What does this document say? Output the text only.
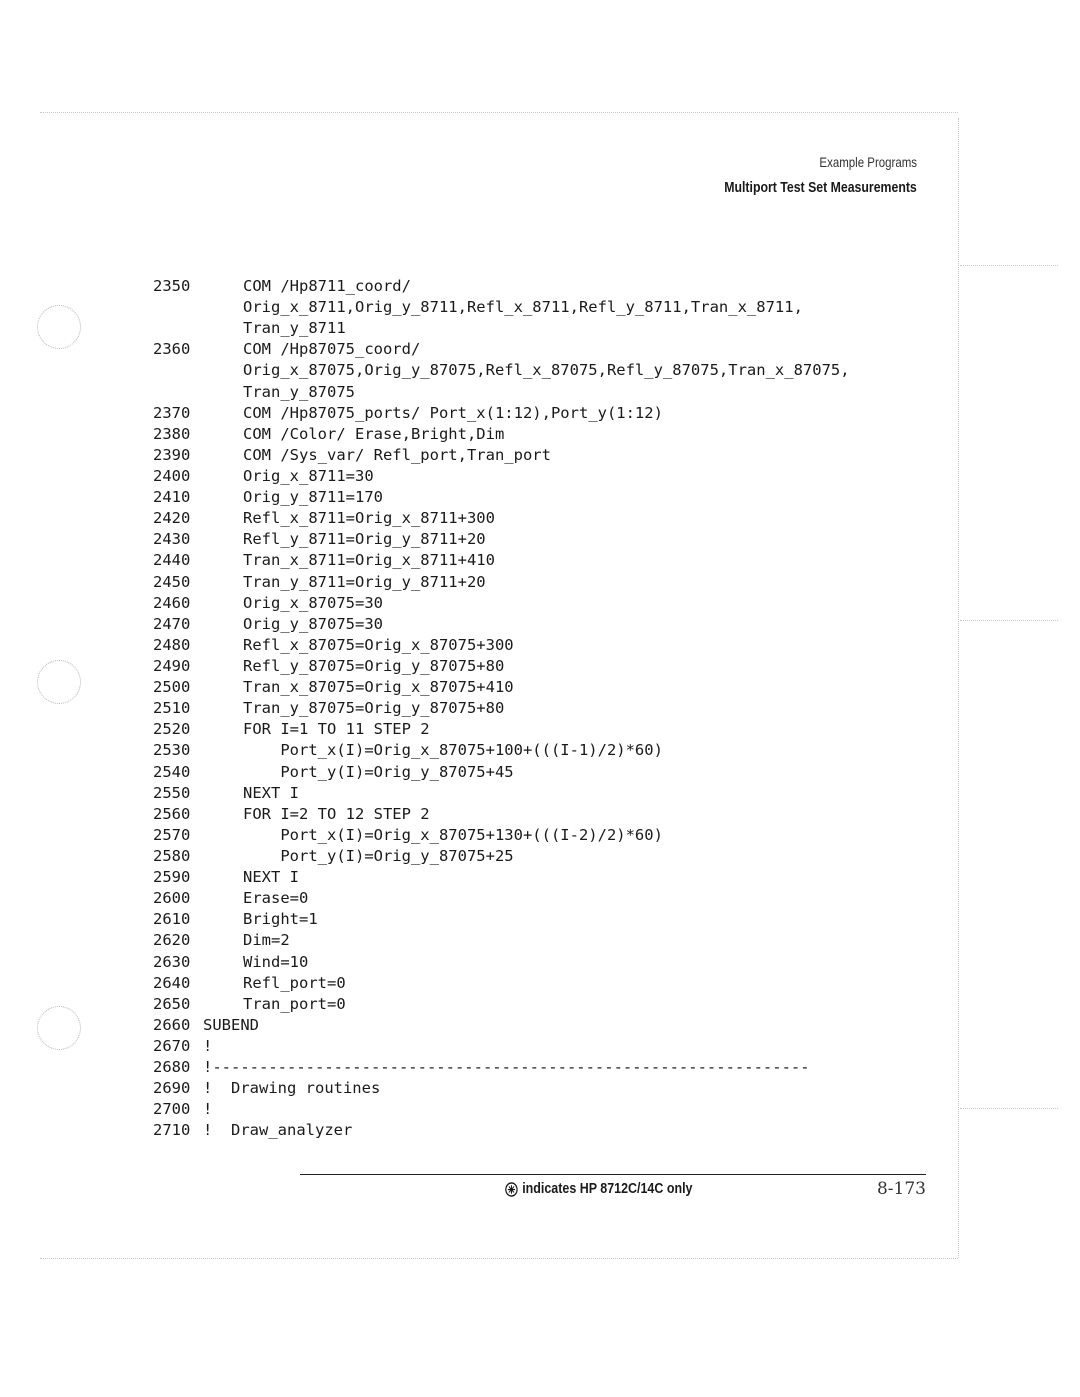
Example Programs
Multiport Test Set Measurements
2350	COM /Hp8711_coord/
Orig_x_8711,Orig_y_8711,Refl_x_8711,Refl_y_8711,Tran_x_8711,
Tran_y_8711
2360	COM /Hp87075_coord/
Orig_x_87075,Orig_y_87075,Refl_x_87075,Refl_y_87075,Tran_x_87075,
Tran_y_87075
2370	COM /Hp87075_ports/ Port_x(1:12),Port_y(1:12)
2380	COM /Color/ Erase,Bright,Dim
2390	COM /Sys_var/ Refl_port,Tran_port
2400	Orig_x_8711=30
2410	Orig_y_8711=170
2420	Refl_x_8711=Orig_x_8711+300
2430	Refl_y_8711=Orig_y_8711+20
2440	Tran_x_8711=Orig_x_8711+410
2450	Tran_y_8711=Orig_y_8711+20
2460	Orig_x_87075=30
2470	Orig_y_87075=30
2480	Refl_x_87075=Orig_x_87075+300
2490	Refl_y_87075=Orig_y_87075+80
2500	Tran_x_87075=Orig_x_87075+410
2510	Tran_y_87075=Orig_y_87075+80
2520	FOR I=1 TO 11 STEP 2
2530	Port_x(I)=Orig_x_87075+100+(((I-1)/2)*60)
2540	Port_y(I)=Orig_y_87075+45
2550	NEXT I
2560	FOR I=2 TO 12 STEP 2
2570	Port_x(I)=Orig_x_87075+130+(((I-2)/2)*60)
2580	Port_y(I)=Orig_y_87075+25
2590	NEXT I
2600	Erase=0
2610	Bright=1
2620	Dim=2
2630	Wind=10
2640	Refl_port=0
2650	Tran_port=0
2660 SUBEND
2670 !
2680 !----------------------------------------------------------------
2690 !  Drawing routines
2700 !
2710 !  Draw_analyzer
indicates HP 8712C/14C only	8-173
